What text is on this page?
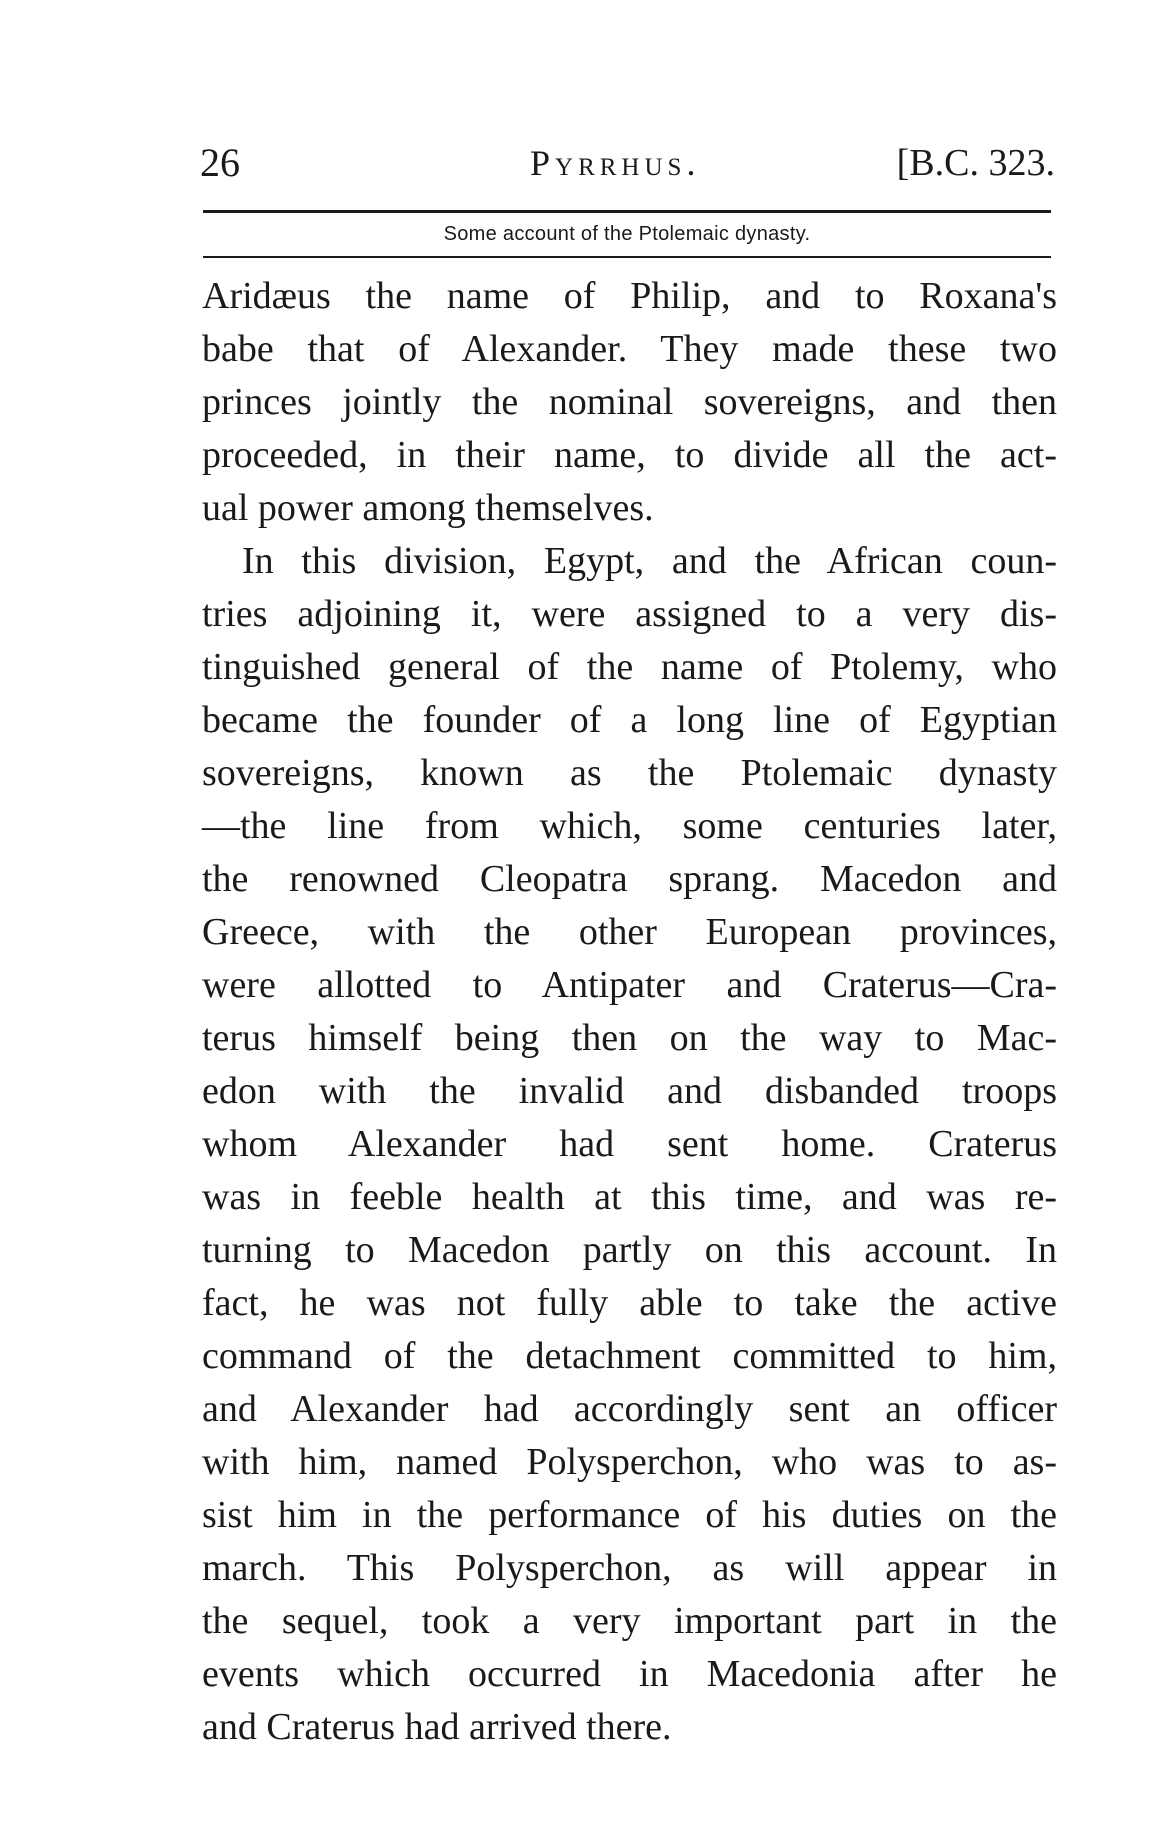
26	Pyrrhus.	[B.C. 323.
Some account of the Ptolemaic dynasty.
Aridæus the name of Philip, and to Roxana's
babe that of Alexander. They made these two
princes jointly the nominal sovereigns, and then
proceeded, in their name, to divide all the act-
ual power among themselves.
In this division, Egypt, and the African coun-
tries adjoining it, were assigned to a very dis-
tinguished general of the name of Ptolemy, who
became the founder of a long line of Egyptian
sovereigns, known as the Ptolemaic dynasty
—the line from which, some centuries later,
the renowned Cleopatra sprang. Macedon and
Greece, with the other European provinces,
were allotted to Antipater and Craterus—Cra-
terus himself being then on the way to Mac-
edon with the invalid and disbanded troops
whom Alexander had sent home. Craterus
was in feeble health at this time, and was re-
turning to Macedon partly on this account. In
fact, he was not fully able to take the active
command of the detachment committed to him,
and Alexander had accordingly sent an officer
with him, named Polysperchon, who was to as-
sist him in the performance of his duties on the
march. This Polysperchon, as will appear in
the sequel, took a very important part in the
events which occurred in Macedonia after he
and Craterus had arrived there.
